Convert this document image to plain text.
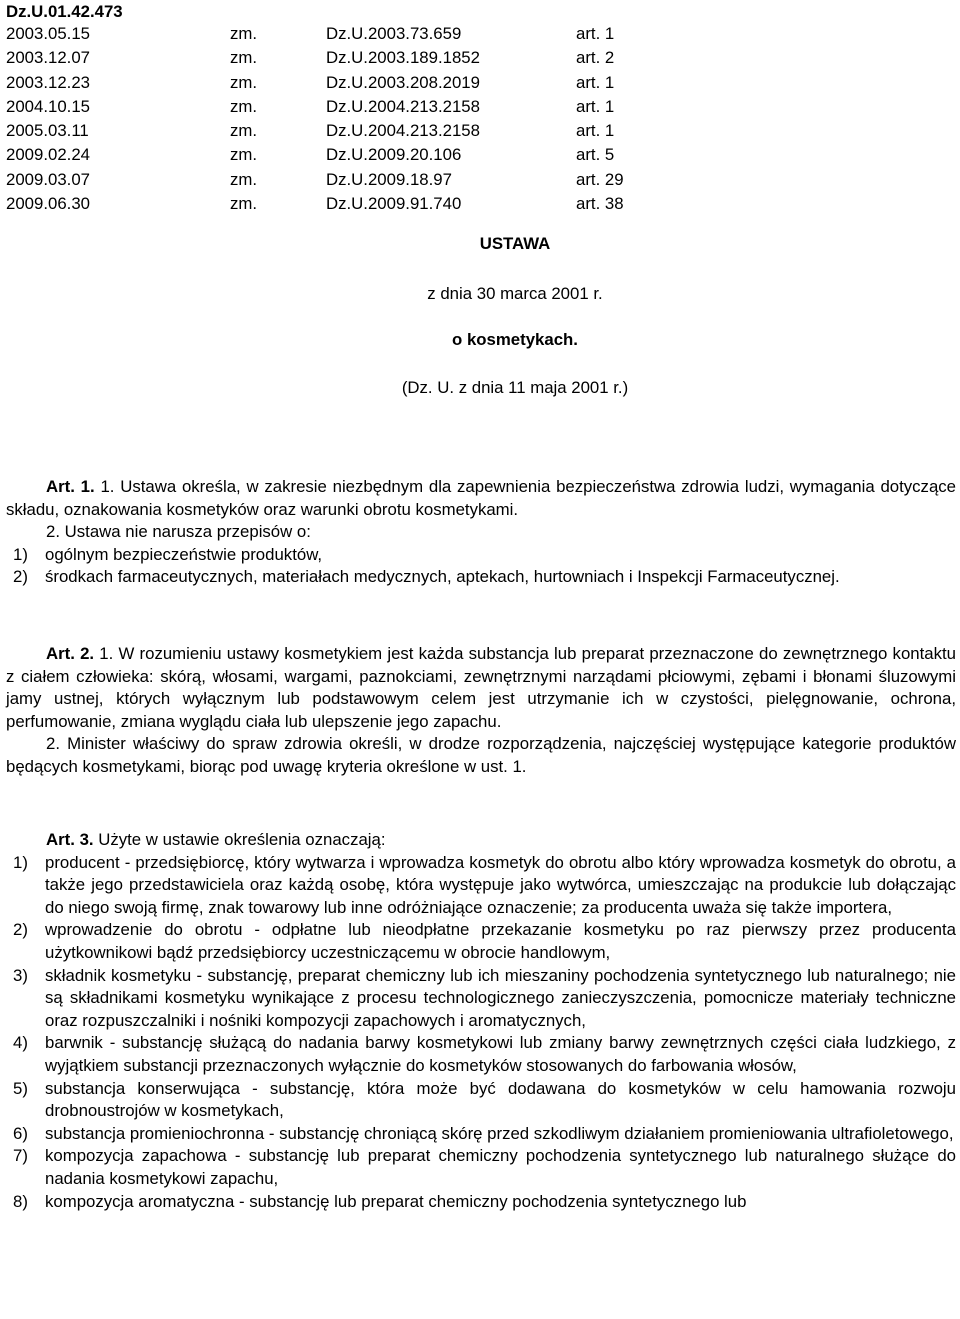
Dz.U.01.42.473
2003.05.15	zm.	Dz.U.2003.73.659	art. 1
2003.12.07	zm.	Dz.U.2003.189.1852	art. 2
2003.12.23	zm.	Dz.U.2003.208.2019	art. 1
2004.10.15	zm.	Dz.U.2004.213.2158	art. 1
2005.03.11	zm.	Dz.U.2004.213.2158	art. 1
2009.02.24	zm.	Dz.U.2009.20.106	art. 5
2009.03.07	zm.	Dz.U.2009.18.97	art. 29
2009.06.30	zm.	Dz.U.2009.91.740	art. 38
USTAWA
z dnia 30 marca 2001 r.
o kosmetykach.
(Dz. U. z dnia 11 maja 2001 r.)

Art. 1. 1. Ustawa określa, w zakresie niezbędnym dla zapewnienia bezpieczeństwa zdrowia ludzi, wymagania dotyczące składu, oznakowania kosmetyków oraz warunki obrotu kosmetykami.

2. Ustawa nie narusza przepisów o:

1) ogólnym bezpieczeństwie produktów,
2) środkach farmaceutycznych, materiałach medycznych, aptekach, hurtowniach i Inspekcji Farmaceutycznej.

Art. 2. 1. W rozumieniu ustawy kosmetykiem jest każda substancja lub preparat przeznaczone do zewnętrznego kontaktu z ciałem człowieka: skórą, włosami, wargami, paznokciami, zewnętrznymi narządami płciowymi, zębami i błonami śluzowymi jamy ustnej, których wyłącznym lub podstawowym celem jest utrzymanie ich w czystości, pielęgnowanie, ochrona, perfumowanie, zmiana wyglądu ciała lub ulepszenie jego zapachu.

2. Minister właściwy do spraw zdrowia określi, w drodze rozporządzenia, najczęściej występujące kategorie produktów będących kosmetykami, biorąc pod uwagę kryteria określone w ust. 1.

Art. 3. Użyte w ustawie określenia oznaczają:

1) producent - przedsiębiorcę, który wytwarza i wprowadza kosmetyk do obrotu albo który wprowadza kosmetyk do obrotu, a także jego przedstawiciela oraz każdą osobę, która występuje jako wytwórca, umieszczając na produkcie lub dołączając do niego swoją firmę, znak towarowy lub inne odróżniające oznaczenie; za producenta uważa się także importera,
2) wprowadzenie do obrotu - odpłatne lub nieodpłatne przekazanie kosmetyku po raz pierwszy przez producenta użytkownikowi bądź przedsiębiorcy uczestniczącemu w obrocie handlowym,
3) składnik kosmetyku - substancję, preparat chemiczny lub ich mieszaniny pochodzenia syntetycznego lub naturalnego; nie są składnikami kosmetyku wynikające z procesu technologicznego zanieczyszczenia, pomocnicze materiały techniczne oraz rozpuszczalniki i nośniki kompozycji zapachowych i aromatycznych,
4) barwnik - substancję służącą do nadania barwy kosmetykowi lub zmiany barwy zewnętrznych części ciała ludzkiego, z wyjątkiem substancji przeznaczonych wyłącznie do kosmetyków stosowanych do farbowania włosów,
5) substancja konserwująca - substancję, która może być dodawana do kosmetyków w celu hamowania rozwoju drobnoustrojów w kosmetykach,
6) substancja promieniochronna - substancję chroniącą skórę przed szkodliwym działaniem promieniowania ultrafioletowego,
7) kompozycja zapachowa - substancję lub preparat chemiczny pochodzenia syntetycznego lub naturalnego służące do nadania kosmetykowi zapachu,
8) kompozycja aromatyczna - substancję lub preparat chemiczny pochodzenia syntetycznego lub
